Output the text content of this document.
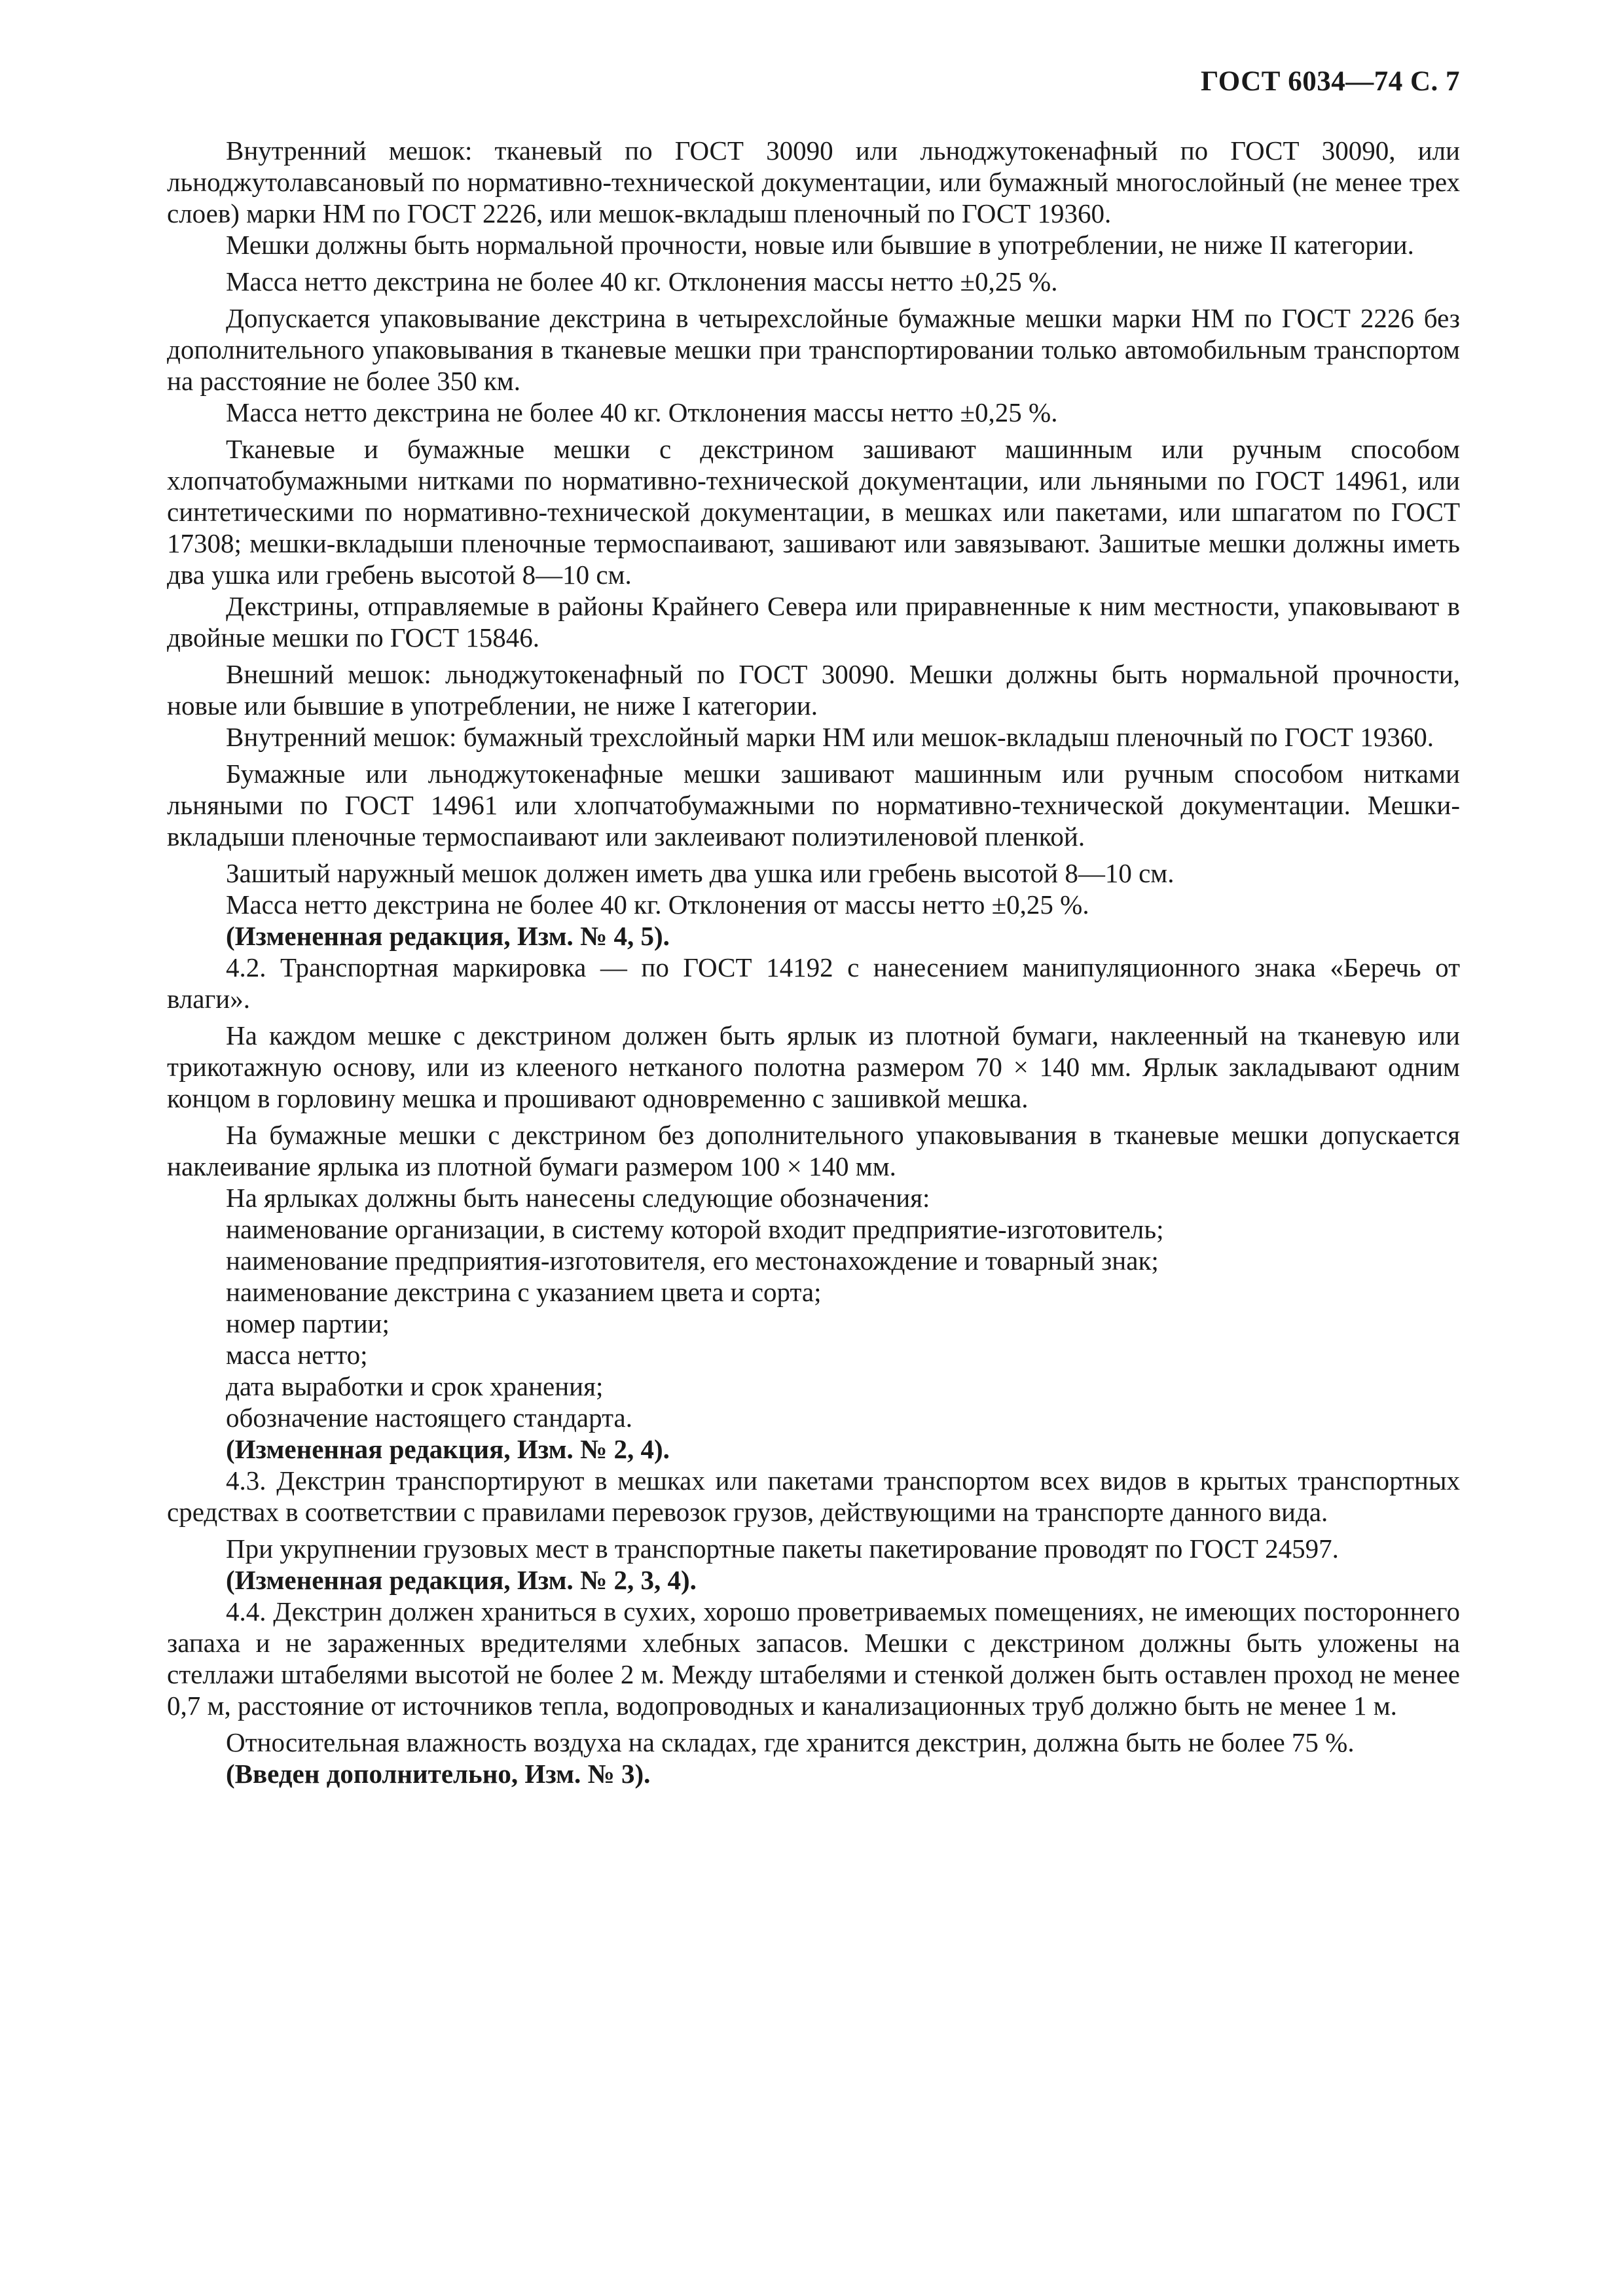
ГОСТ 6034—74 С. 7

Внутренний мешок: тканевый по ГОСТ 30090 или льноджутокенафный по ГОСТ 30090, или льноджутолавсановый по нормативно-технической документации, или бумажный многослойный (не менее трех слоев) марки НМ по ГОСТ 2226, или мешок-вкладыш пленочный по ГОСТ 19360.

Мешки должны быть нормальной прочности, новые или бывшие в употреблении, не ниже II категории.

Масса нетто декстрина не более 40 кг. Отклонения массы нетто ±0,25 %.

Допускается упаковывание декстрина в четырехслойные бумажные мешки марки НМ по ГОСТ 2226 без дополнительного упаковывания в тканевые мешки при транспортировании только автомобильным транспортом на расстояние не более 350 км.

Масса нетто декстрина не более 40 кг. Отклонения массы нетто ±0,25 %.

Тканевые и бумажные мешки с декстрином зашивают машинным или ручным способом хлопчатобумажными нитками по нормативно-технической документации, или льняными по ГОСТ 14961, или синтетическими по нормативно-технической документации, в мешках или пакетами, или шпагатом по ГОСТ 17308; мешки-вкладыши пленочные термоспаивают, зашивают или завязывают. Зашитые мешки должны иметь два ушка или гребень высотой 8—10 см.

Декстрины, отправляемые в районы Крайнего Севера или приравненные к ним местности, упаковывают в двойные мешки по ГОСТ 15846.

Внешний мешок: льноджутокенафный по ГОСТ 30090. Мешки должны быть нормальной прочности, новые или бывшие в употреблении, не ниже I категории.

Внутренний мешок: бумажный трехслойный марки НМ или мешок-вкладыш пленочный по ГОСТ 19360.

Бумажные или льноджутокенафные мешки зашивают машинным или ручным способом нитками льняными по ГОСТ 14961 или хлопчатобумажными по нормативно-технической документации. Мешки-вкладыши пленочные термоспаивают или заклеивают полиэтиленовой пленкой.

Зашитый наружный мешок должен иметь два ушка или гребень высотой 8—10 см.

Масса нетто декстрина не более 40 кг. Отклонения от массы нетто ±0,25 %.

(Измененная редакция, Изм. № 4, 5).

4.2. Транспортная маркировка — по ГОСТ 14192 с нанесением манипуляционного знака «Беречь от влаги».

На каждом мешке с декстрином должен быть ярлык из плотной бумаги, наклеенный на тканевую или трикотажную основу, или из клееного нетканого полотна размером 70 × 140 мм. Ярлык закладывают одним концом в горловину мешка и прошивают одновременно с зашивкой мешка.

На бумажные мешки с декстрином без дополнительного упаковывания в тканевые мешки допускается наклеивание ярлыка из плотной бумаги размером 100 × 140 мм.

На ярлыках должны быть нанесены следующие обозначения:

наименование организации, в систему которой входит предприятие-изготовитель;

наименование предприятия-изготовителя, его местонахождение и товарный знак;

наименование декстрина с указанием цвета и сорта;

номер партии;

масса нетто;

дата выработки и срок хранения;

обозначение настоящего стандарта.

(Измененная редакция, Изм. № 2, 4).

4.3. Декстрин транспортируют в мешках или пакетами транспортом всех видов в крытых транспортных средствах в соответствии с правилами перевозок грузов, действующими на транспорте данного вида.

При укрупнении грузовых мест в транспортные пакеты пакетирование проводят по ГОСТ 24597.

(Измененная редакция, Изм. № 2, 3, 4).

4.4. Декстрин должен храниться в сухих, хорошо проветриваемых помещениях, не имеющих постороннего запаха и не зараженных вредителями хлебных запасов. Мешки с декстрином должны быть уложены на стеллажи штабелями высотой не более 2 м. Между штабелями и стенкой должен быть оставлен проход не менее 0,7 м, расстояние от источников тепла, водопроводных и канализационных труб должно быть не менее 1 м.

Относительная влажность воздуха на складах, где хранится декстрин, должна быть не более 75 %.

(Введен дополнительно, Изм. № 3).
